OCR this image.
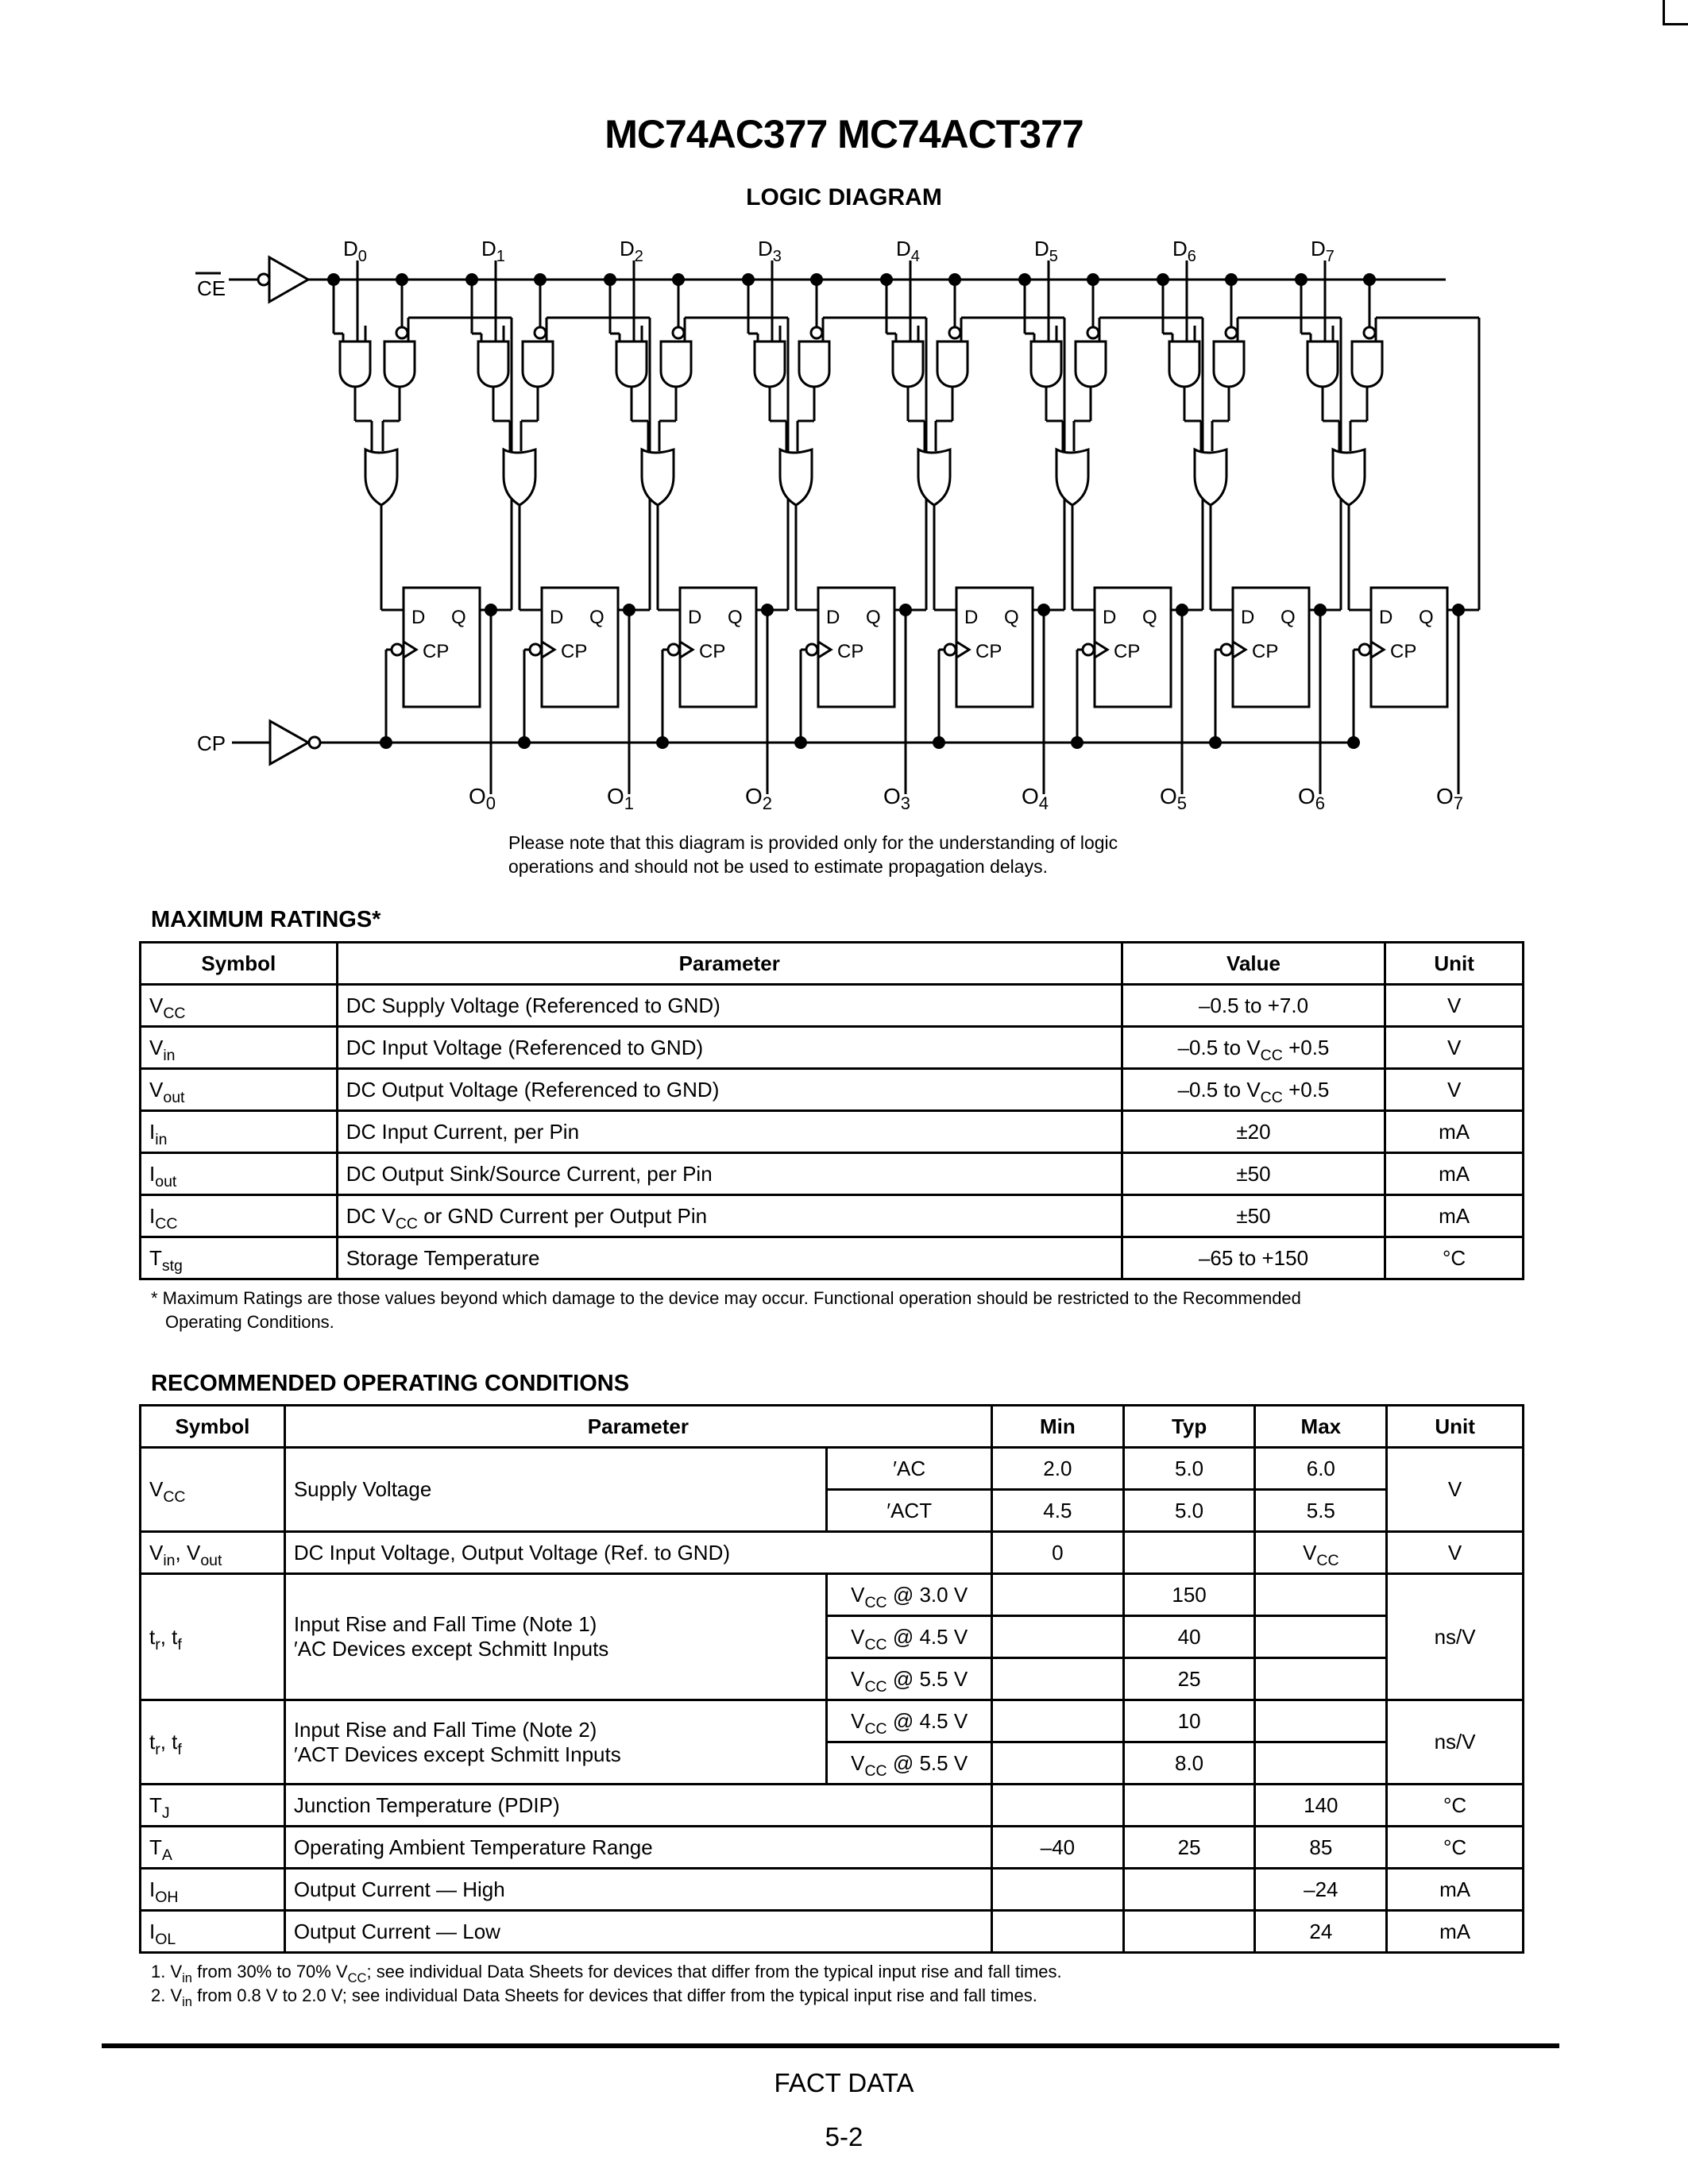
MC74AC377 MC74ACT377
LOGIC DIAGRAM
CE
CP
$D_0$
D Q
CP
$O_0$
$D_1$
D Q
CP
$O_1$
$D_2$
D Q
CP
$O_2$
$D_3$
D Q
CP
$O_3$
$D_4$
D Q
CP
$O_4$
$D_5$
D Q
CP
$O_5$
$D_6$
D Q
CP
$O_6$
$D_7$
D Q
CP
$O_7$
Please note that this diagram is provided only for the understanding of logic
operations and should not be used to estimate propagation delays.
MAXIMUM RATINGS*
Symbol	Parameter	Value	Unit
$V_{CC}$	DC Supply Voltage (Referenced to GND)	–0.5 to +7.0	V
$V_{in}$	DC Input Voltage (Referenced to GND)	–0.5 to $V_{CC} +0.5$	V
$V_{out}$	DC Output Voltage (Referenced to GND)	–0.5 to $V_{CC} +0.5$	V
$I_{in}$	DC Input Current, per Pin	±20	mA
$I_{out}$	DC Output Sink/Source Current, per Pin	±50	mA
$I_{CC}$	DC $V_{CC}$ or GND Current per Output Pin	±50	mA
$T_{stg}$	Storage Temperature	–65 to +150	°C
* Maximum Ratings are those values beyond which damage to the device may occur. Functional operation should be restricted to the Recommended
Operating Conditions.
RECOMMENDED OPERATING CONDITIONS
Symbol	Parameter		Min	Typ	Max	Unit
$V_{CC}$	Supply Voltage	′AC	2.0	5.0	6.0	V
		′ACT	4.5	5.0	5.5	
$V_{in}$, $V_{out}$	DC Input Voltage, Output Voltage (Ref. to GND)		0		$V_{CC}$	V
$t_r$, $t_f$	Input Rise and Fall Time (Note 1)
′AC Devices except Schmitt Inputs	$V_{CC}$ @ 3.0 V		150		ns/V
		$V_{CC}$ @ 4.5 V		40		
		$V_{CC}$ @ 5.5 V		25		
$t_r$, $t_f$	Input Rise and Fall Time (Note 2)
′ACT Devices except Schmitt Inputs	$V_{CC}$ @ 4.5 V		10		ns/V
		$V_{CC}$ @ 5.5 V		8.0		
$T_J$	Junction Temperature (PDIP)				140	°C
$T_A$	Operating Ambient Temperature Range		–40	25	85	°C
$I_{OH}$	Output Current — High				–24	mA
$I_{OL}$	Output Current — Low				24	mA
1. $V_{in}$ from 30% to 70% $V_{CC}$; see individual Data Sheets for devices that differ from the typical input rise and fall times.
2. $V_{in}$ from 0.8 V to 2.0 V; see individual Data Sheets for devices that differ from the typical input rise and fall times.
FACT DATA
5-2
